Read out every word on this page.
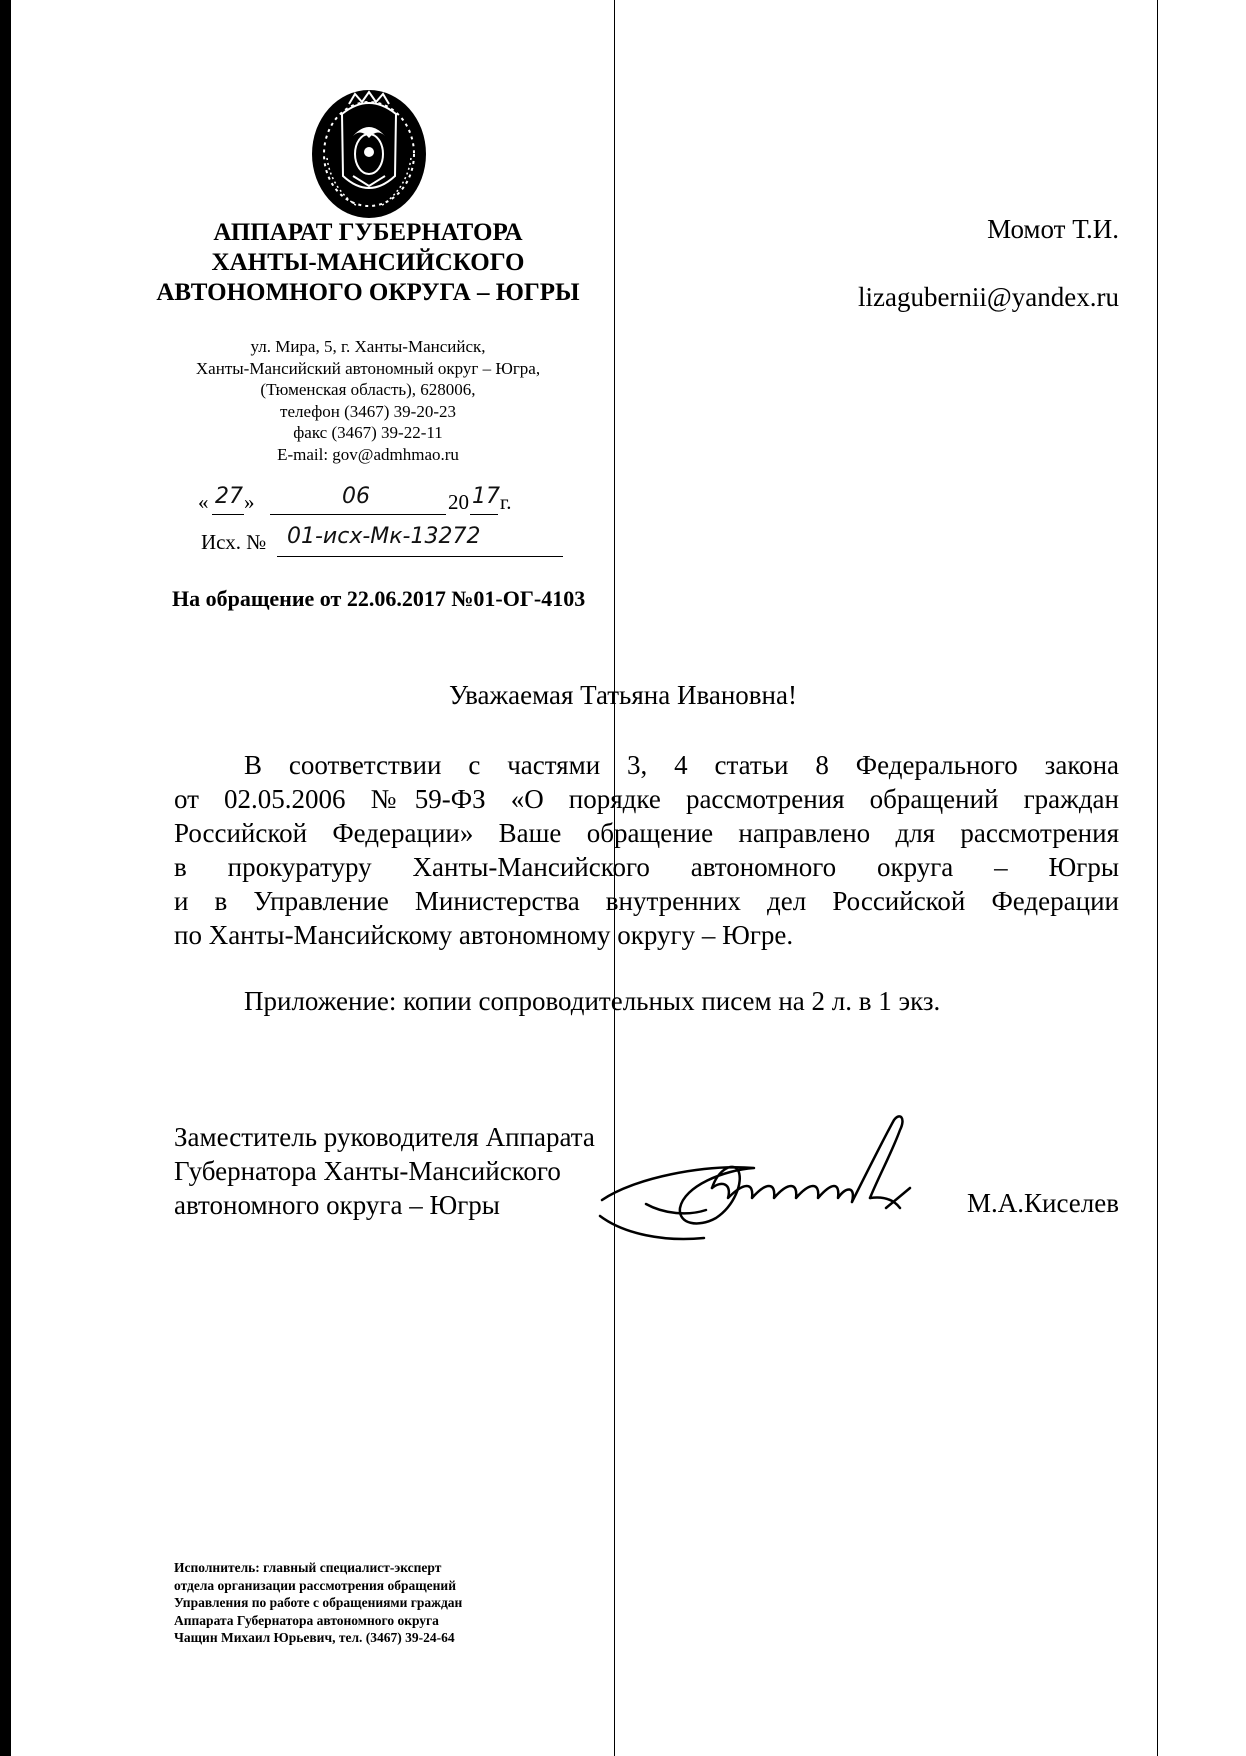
АППАРАТ ГУБЕРНАТОРА
ХАНТЫ-МАНСИЙСКОГО
АВТОНОМНОГО ОКРУГА – ЮГРЫ
ул. Мира, 5, г. Ханты-Мансийск,
Ханты-Мансийский автономный округ – Югра,
(Тюменская область), 628006,
телефон (3467) 39-20-23
факс (3467) 39-22-11
E-mail: gov@admhmao.ru
« 27 »	06	20 17 г.
Исх. № 01-исх-Мк-13272
На обращение от 22.06.2017 №01-ОГ-4103
Момот Т.И.
lizagubernii@yandex.ru
Уважаемая Татьяна Ивановна!
В соответствии с частями 3, 4 статьи 8 Федерального закона
от 02.05.2006 №59-ФЗ «О порядке рассмотрения обращений граждан
Российской Федерации» Ваше обращение направлено для рассмотрения
в прокуратуру Ханты-Мансийского автономного округа – Югры
и в Управление Министерства внутренних дел Российской Федерации
по Ханты-Мансийскому автономному округу – Югре.
Приложение: копии сопроводительных писем на 2 л. в 1 экз.
Заместитель руководителя Аппарата
Губернатора Ханты-Мансийского
автономного округа – Югры	М.А.Киселев
Исполнитель: главный специалист-эксперт
отдела организации рассмотрения обращений
Управления по работе с обращениями граждан
Аппарата Губернатора автономного округа
Чащин Михаил Юрьевич, тел. (3467) 39-24-64
